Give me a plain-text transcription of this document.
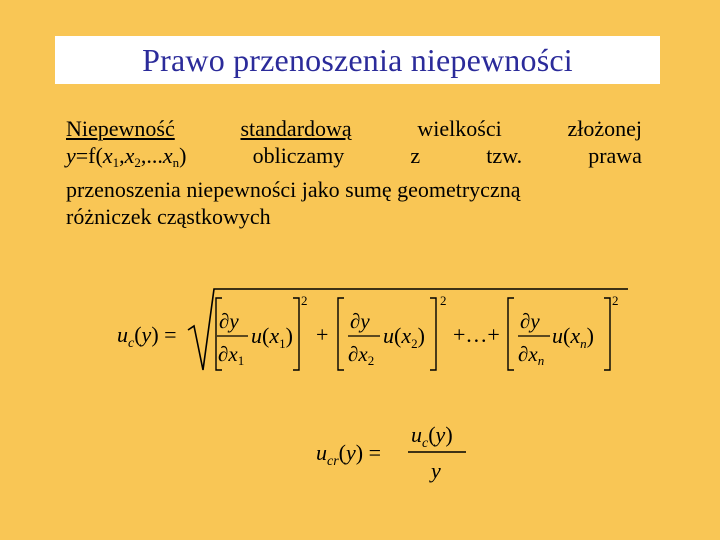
Prawo przenoszenia niepewności
Niepewność	standardową	wielkości	złożonej
$y=f(x_1,x_2,...x_n)$	obliczamy	z	tzw.	prawa
przenoszenia niepewności jako sumę geometryczną
różniczek cząstkowych
$u_c(y)$ =
∂y
∂x1
$u(x_1)$
2
+
∂y
∂x2
$u(x_2)$
2
+…+
∂y
∂xn
$u(x_n)$
2
$u_{cr}(y)$ =
$u_c(y)$
y
